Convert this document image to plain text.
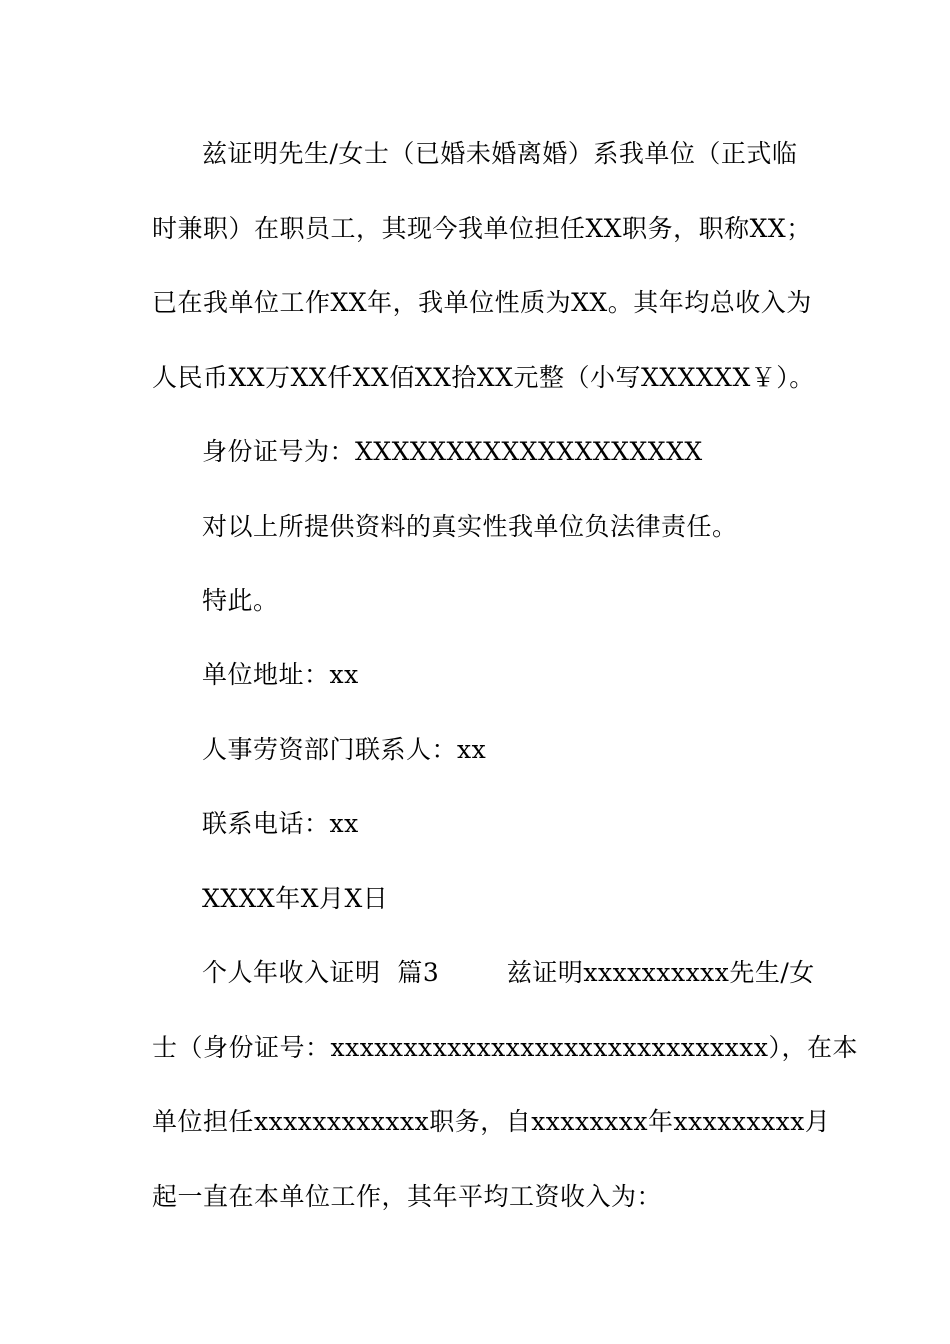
兹证明先生/女士（已婚未婚离婚）系我单位（正式临
时兼职）在职员工，其现今我单位担任XX职务，职称XX；
已在我单位工作XX年，我单位性质为XX。其年均总收入为
人民币XX万XX仟XX佰XX拾XX元整（小写XXXXXX￥）。
身份证号为：XXXXXXXXXXXXXXXXXXX
对以上所提供资料的真实性我单位负法律责任。
特此。
单位地址：xx
人事劳资部门联系人：xx
联系电话：xx
XXXX年X月X日
个人年收入证明  篇3        兹证明xxxxxxxxxx先生/女
士（身份证号：xxxxxxxxxxxxxxxxxxxxxxxxxxxxxx），在本
单位担任xxxxxxxxxxxx职务，自xxxxxxxx年xxxxxxxxx月
起一直在本单位工作，其年平均工资收入为：
